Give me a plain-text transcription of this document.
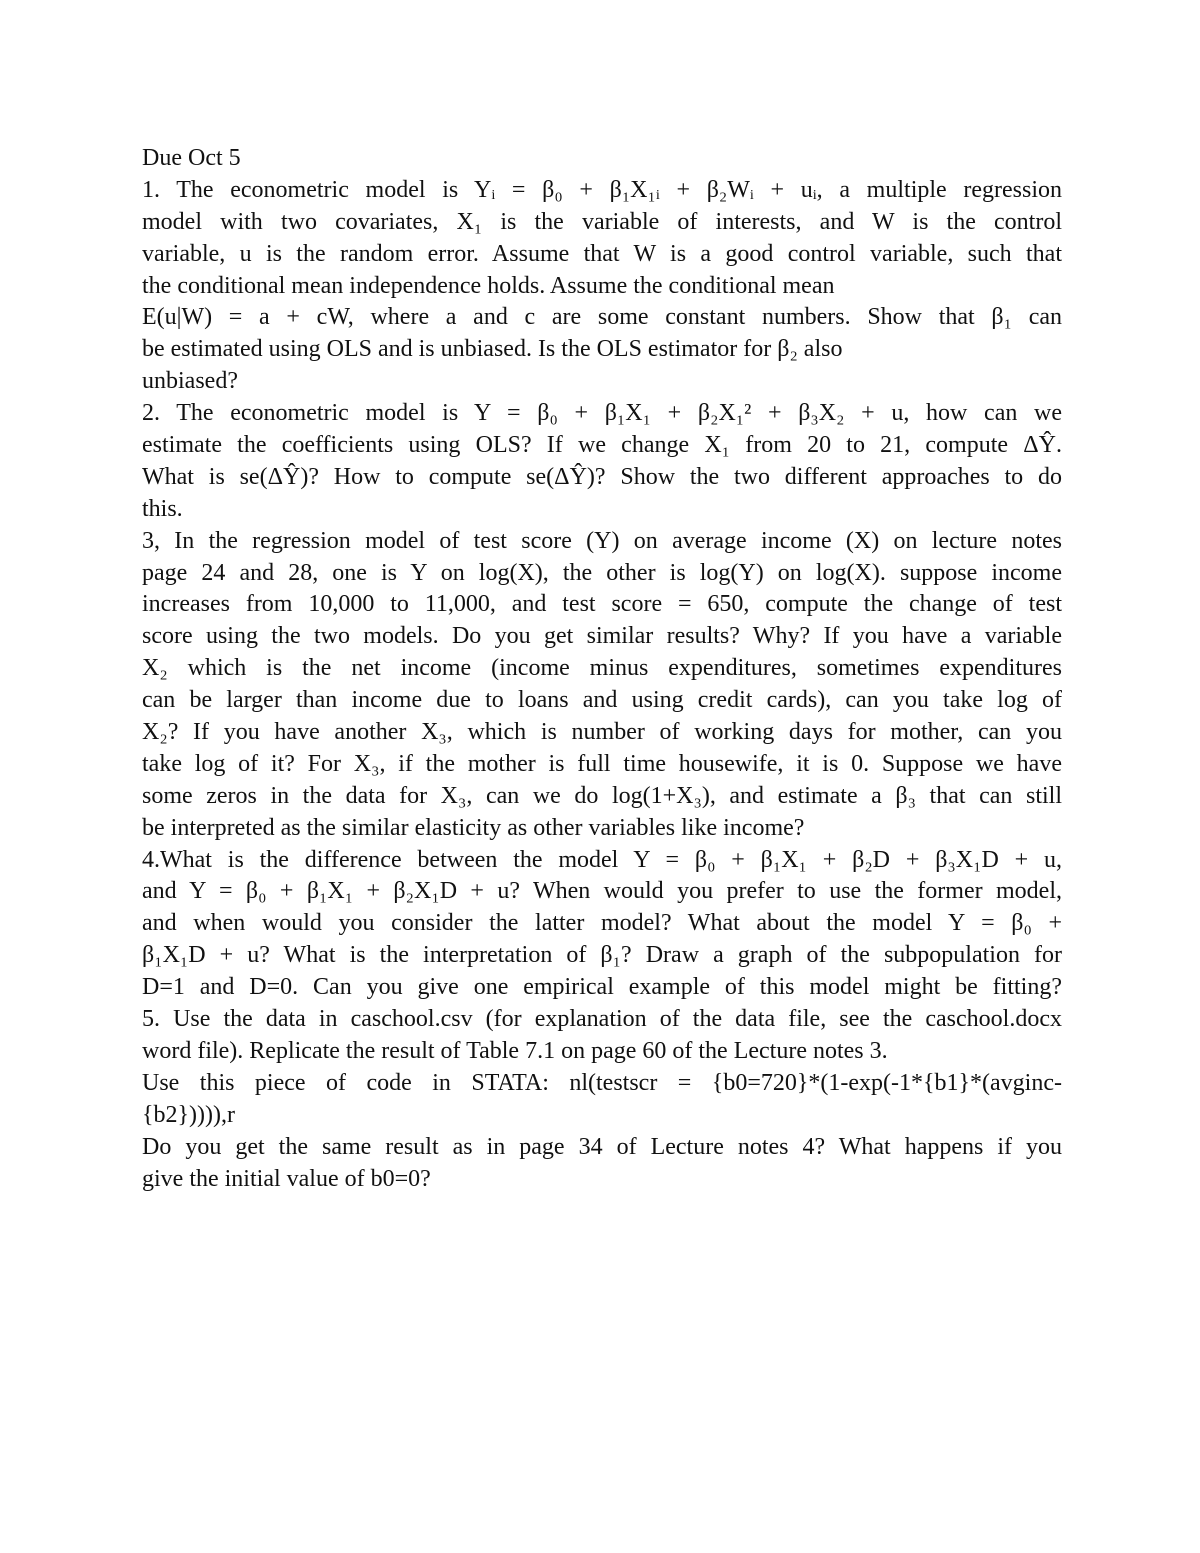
Due Oct 5
1. The econometric model is Yᵢ = β₀ + β₁X₁ᵢ + β₂Wᵢ + uᵢ, a multiple regression
model with two covariates, X₁ is the variable of interests, and W is the control
variable, u is the random error. Assume that W is a good control variable, such that
the conditional mean independence holds. Assume the conditional mean
E(u|W) = a + cW, where a and c are some constant numbers. Show that β₁ can
be estimated using OLS and is unbiased. Is the OLS estimator for β₂ also
unbiased?
2. The econometric model is Y = β₀ + β₁X₁ + β₂X₁² + β₃X₂ + u, how can we
estimate the coefficients using OLS? If we change X₁ from 20 to 21, compute ΔŶ.
What is se(ΔŶ)? How to compute se(ΔŶ)? Show the two different approaches to do
this.
3, In the regression model of test score (Y) on average income (X) on lecture notes
page 24 and 28, one is Y on log(X), the other is log(Y) on log(X). suppose income
increases from 10,000 to 11,000, and test score = 650, compute the change of test
score using the two models. Do you get similar results? Why? If you have a variable
X₂ which is the net income (income minus expenditures, sometimes expenditures
can be larger than income due to loans and using credit cards), can you take log of
X₂? If you have another X₃, which is number of working days for mother, can you
take log of it? For X₃, if the mother is full time housewife, it is 0. Suppose we have
some zeros in the data for X₃, can we do log(1+X₃), and estimate a β₃ that can still
be interpreted as the similar elasticity as other variables like income?
4.What is the difference between the model Y = β₀ + β₁X₁ + β₂D + β₃X₁D + u,
and Y = β₀ + β₁X₁ + β₂X₁D + u? When would you prefer to use the former model,
and when would you consider the latter model? What about the model Y = β₀ +
β₁X₁D + u? What is the interpretation of β₁? Draw a graph of the subpopulation for
D=1 and D=0. Can you give one empirical example of this model might be fitting?
5. Use the data in caschool.csv (for explanation of the data file, see the caschool.docx
word file). Replicate the result of Table 7.1 on page 60 of the Lecture notes 3.
Use this piece of code in STATA: nl(testscr = {b0=720}*(1-exp(-1*{b1}*(avginc-
{b2})))),r
Do you get the same result as in page 34 of Lecture notes 4? What happens if you
give the initial value of b0=0?
